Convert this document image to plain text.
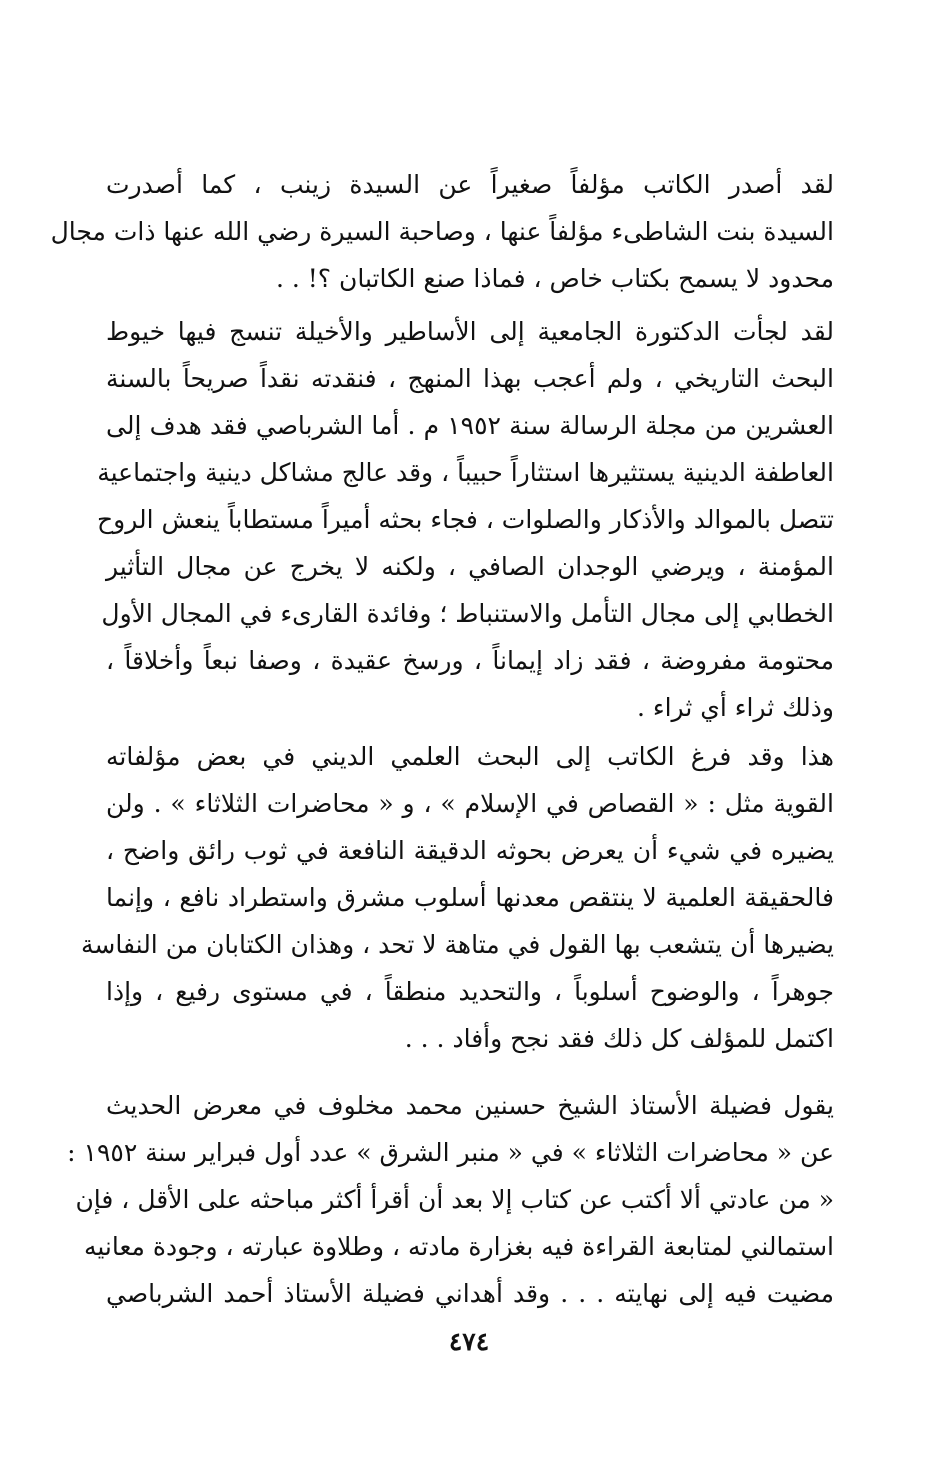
لقد أصدر الكاتب مؤلفاً صغيراً عن السيدة زينب ، كما أصدرت
السيدة بنت الشاطىء مؤلفاً عنها ، وصاحبة السيرة رضي الله عنها ذات مجال
محدود لا يسمح بكتاب خاص ، فماذا صنع الكاتبان ؟! . .
لقد لجأت الدكتورة الجامعية إلى الأساطير والأخيلة تنسج فيها خيوط
البحث التاريخي ، ولم أعجب بهذا المنهج ، فنقدته نقداً صريحاً بالسنة
العشرين من مجلة الرسالة سنة ١٩٥٢ م . أما الشرباصي فقد هدف إلى
العاطفة الدينية يستثيرها استثاراً حبيباً ، وقد عالج مشاكل دينية واجتماعية
تتصل بالموالد والأذكار والصلوات ، فجاء بحثه أميراً مستطاباً ينعش الروح
المؤمنة ، ويرضي الوجدان الصافي ، ولكنه لا يخرج عن مجال التأثير
الخطابي إلى مجال التأمل والاستنباط ؛ وفائدة القارىء في المجال الأول
محتومة مفروضة ، فقد زاد إيماناً ، ورسخ عقيدة ، وصفا نبعاً وأخلاقاً ،
وذلك ثراء أي ثراء .
هذا وقد فرغ الكاتب إلى البحث العلمي الديني في بعض مؤلفاته
القوية مثل : « القصاص في الإسلام » ، و « محاضرات الثلاثاء » . ولن
يضيره في شيء أن يعرض بحوثه الدقيقة النافعة في ثوب رائق واضح ،
فالحقيقة العلمية لا ينتقص معدنها أسلوب مشرق واستطراد نافع ، وإنما
يضيرها أن يتشعب بها القول في متاهة لا تحد ، وهذان الكتابان من النفاسة
جوهراً ، والوضوح أسلوباً ، والتحديد منطقاً ، في مستوى رفيع ، وإذا
اكتمل للمؤلف كل ذلك فقد نجح وأفاد . . .
يقول فضيلة الأستاذ الشيخ حسنين محمد مخلوف في معرض الحديث
عن « محاضرات الثلاثاء » في « منبر الشرق » عدد أول فبراير سنة ١٩٥٢ :
« من عادتي ألا أكتب عن كتاب إلا بعد أن أقرأ أكثر مباحثه على الأقل ، فإن
استمالني لمتابعة القراءة فيه بغزارة مادته ، وطلاوة عبارته ، وجودة معانيه
مضيت فيه إلى نهايته . . . وقد أهداني فضيلة الأستاذ أحمد الشرباصي
٤٧٤
